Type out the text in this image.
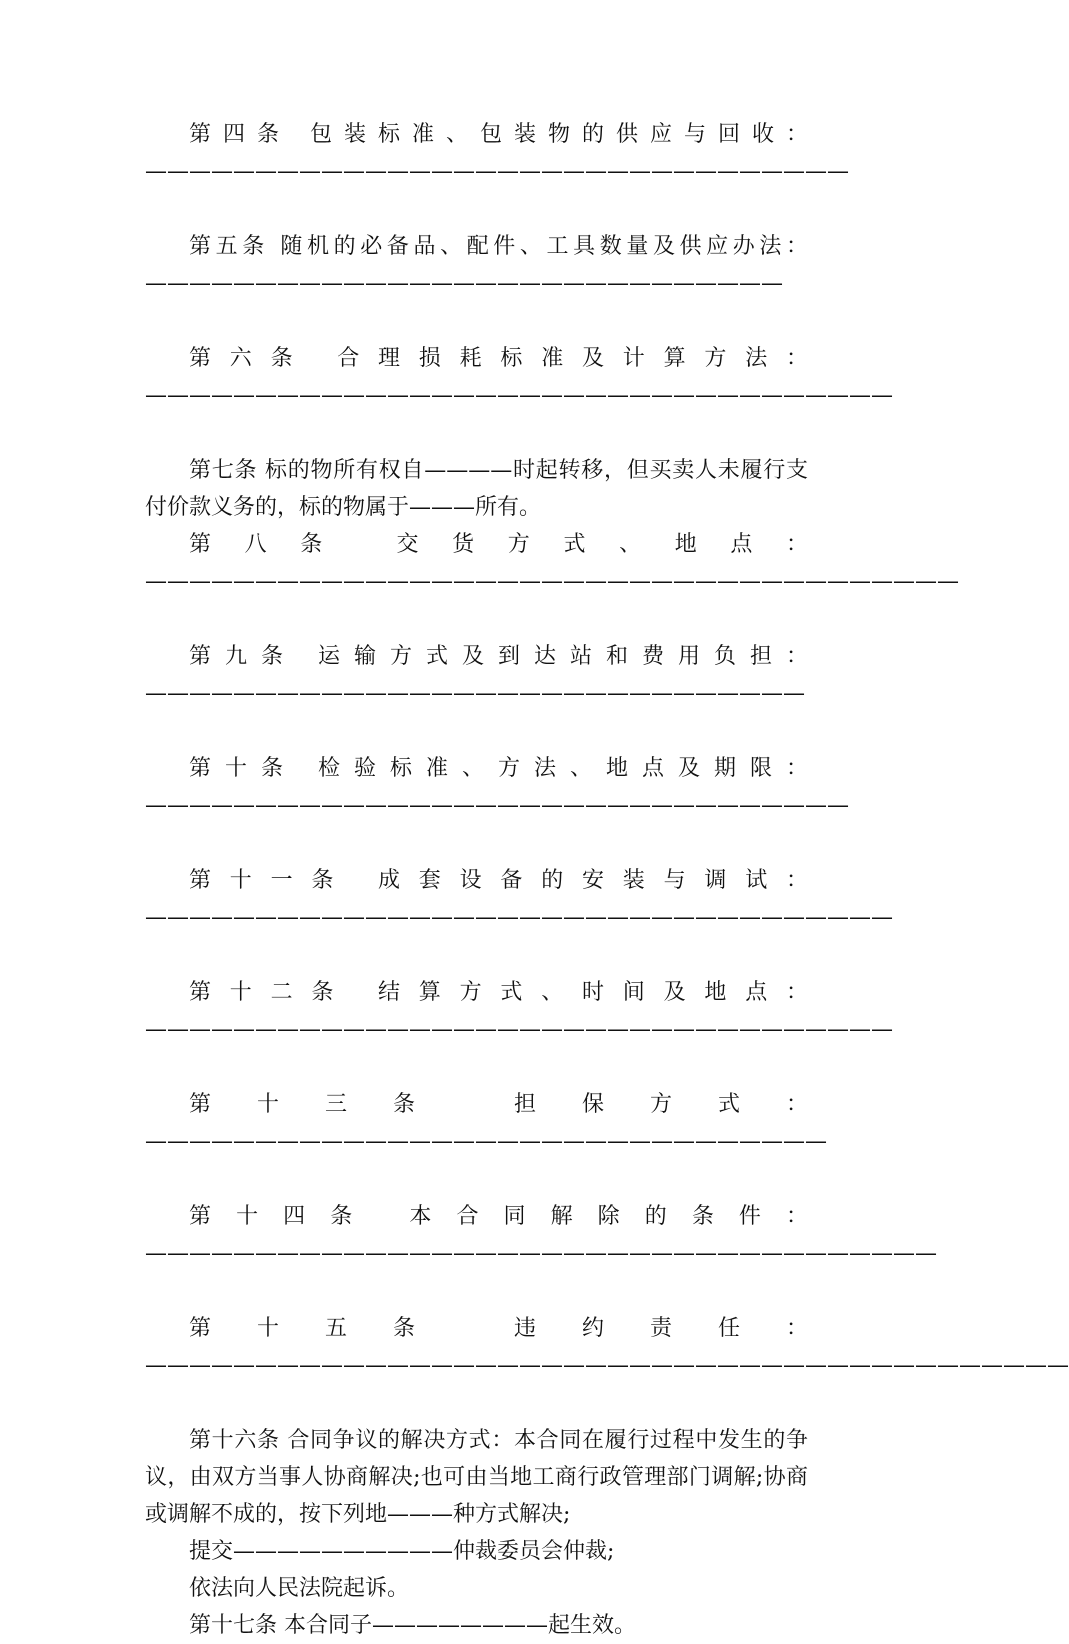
第四条 包装标准、包装物的供应与回收：————————————————————————————————

第五条 随机的必备品、配件、工具数量及供应办法：—————————————————————————————

第六条 合理损耗标准及计算方法：——————————————————————————————————

第七条 标的物所有权自————时起转移，但买卖人未履行支付价款义务的，标的物属于———所有。

第八条 交货方式、地点：—————————————————————————————————————

第九条 运输方式及到达站和费用负担：——————————————————————————————

第十条 检验标准、方法、地点及期限：————————————————————————————————

第十一条 成套设备的安装与调试：——————————————————————————————————

第十二条 结算方式、时间及地点：——————————————————————————————————

第十三条 担保方式：———————————————————————————————

第十四条 本合同解除的条件：————————————————————————————————————

第十五条 违约责任：——————————————————————————————————————————

第十六条 合同争议的解决方式：本合同在履行过程中发生的争议，由双方当事人协商解决;也可由当地工商行政管理部门调解;协商或调解不成的，按下列地———种方式解决;

提交——————————仲裁委员会仲裁;

依法向人民法院起诉。

第十七条 本合同子————————起生效。
